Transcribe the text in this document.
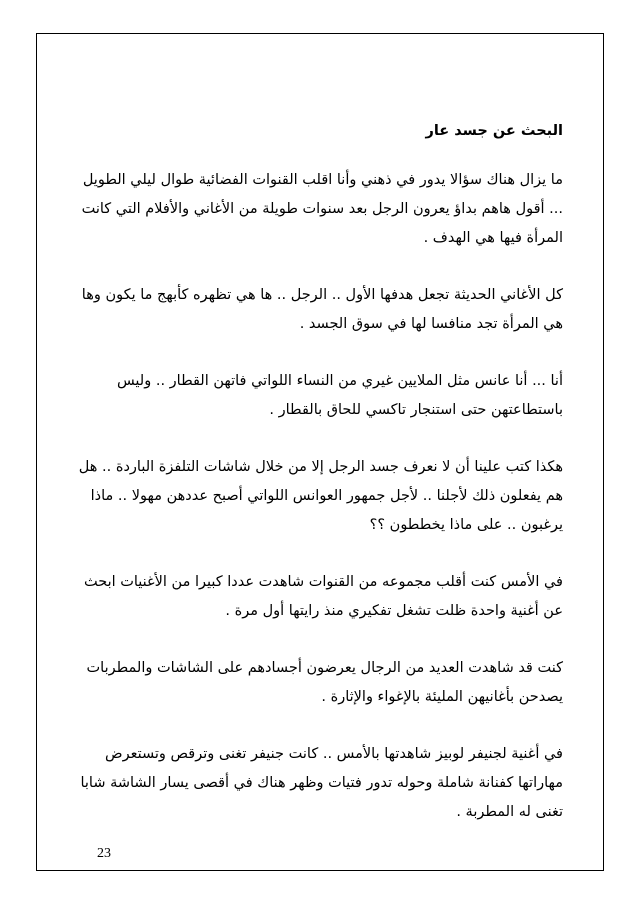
البحث عن جسد عار
ما يزال هناك سؤالا يدور في ذهني وأنا اقلب القنوات الفضائية طوال ليلي الطويل
... أقول هاهم بداؤ يعرون الرجل بعد سنوات طويلة من الأغاني والأفلام التي كانت
المرأة فيها هي الهدف .
كل الأغاني الحديثة تجعل هدفها الأول .. الرجل .. ها هي تظهره كأبهج ما يكون وها
هي المرأة تجد منافسا لها في سوق الجسد .
أنا ... أنا عانس مثل الملايين غيري من النساء اللواتي فاتهن القطار .. وليس
باستطاعتهن حتى استنجار تاكسي للحاق بالقطار .
هكذا كتب علينا أن لا نعرف جسد الرجل إلا من خلال شاشات التلفزة الباردة .. هل
هم يفعلون ذلك لأجلنا .. لأجل جمهور العوانس اللواتي أصبح عددهن مهولا .. ماذا
يرغبون .. على ماذا يخططون ؟؟
في الأمس كنت أقلب مجموعه من القنوات شاهدت عددا كبيرا من الأغنيات ابحث
عن أغنية واحدة ظلت تشغل تفكيري منذ رايتها أول مرة .
كنت قد شاهدت العديد من الرجال يعرضون أجسادهم على الشاشات والمطربات
يصدحن بأغانيهن المليئة بالإغواء والإثارة .
في أغنية لجنيفر لوبيز شاهدتها بالأمس .. كانت جنيفر تغنى وترقص وتستعرض
مهاراتها كفنانة شاملة وحوله تدور فتيات وظهر هناك في أقصى يسار الشاشة شابا
تغنى له المطربة .
23
